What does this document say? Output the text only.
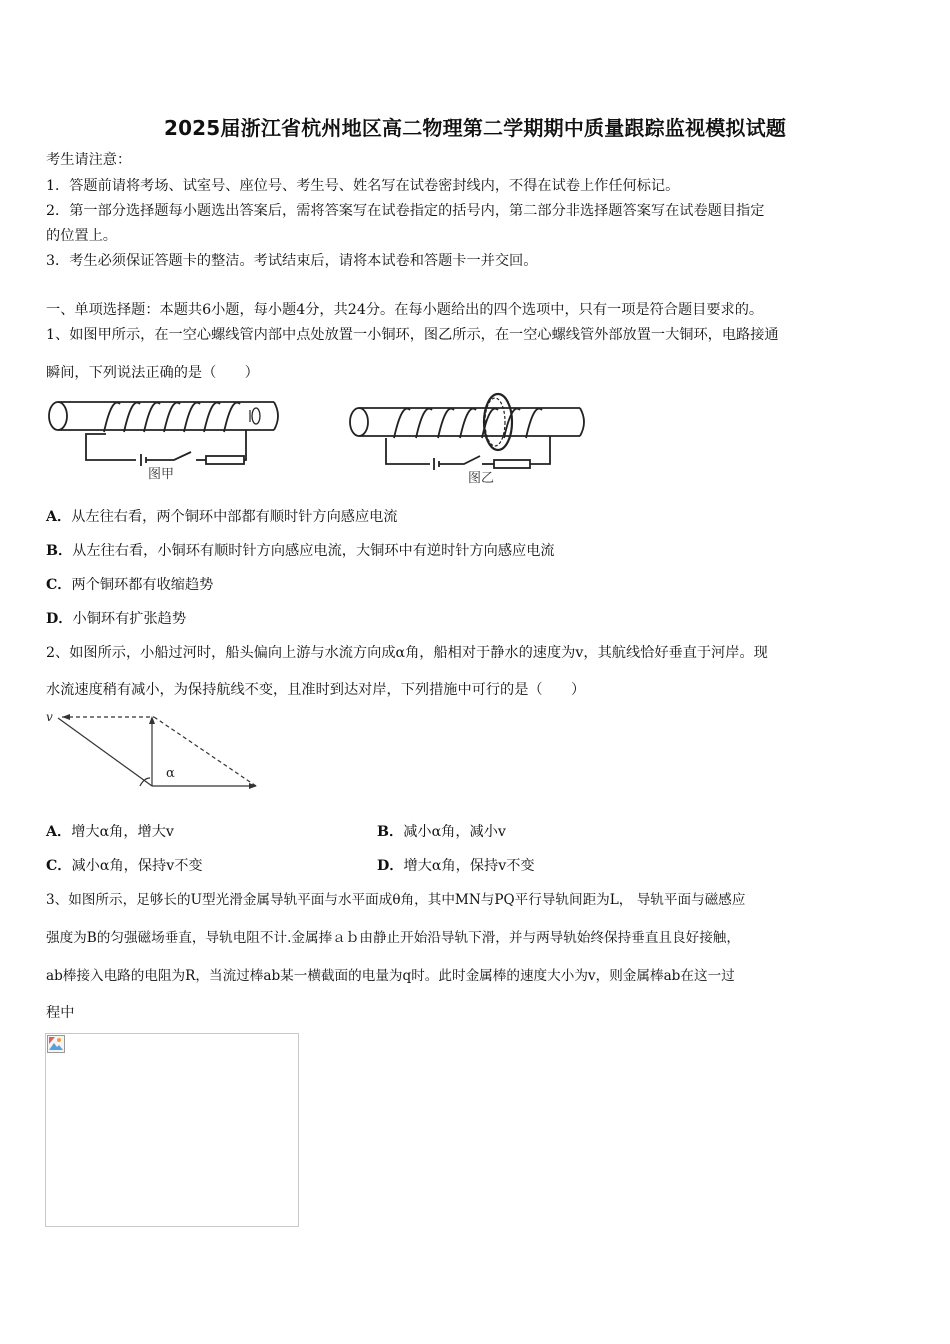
2025届浙江省杭州地区高二物理第二学期期中质量跟踪监视模拟试题
考生请注意：
1．答题前请将考场、试室号、座位号、考生号、姓名写在试卷密封线内，不得在试卷上作任何标记。
2．第一部分选择题每小题选出答案后，需将答案写在试卷指定的括号内，第二部分非选择题答案写在试卷题目指定
的位置上。
3．考生必须保证答题卡的整洁。考试结束后，请将本试卷和答题卡一并交回。
一、单项选择题：本题共6小题，每小题4分，共24分。在每小题给出的四个选项中，只有一项是符合题目要求的。
1、如图甲所示，在一空心螺线管内部中点处放置一小铜环，图乙所示，在一空心螺线管外部放置一大铜环，电路接通
瞬间，下列说法正确的是（　　）
图甲	图乙
A．从左往右看，两个铜环中部都有顺时针方向感应电流
B．从左往右看，小铜环有顺时针方向感应电流，大铜环中有逆时针方向感应电流
C．两个铜环都有收缩趋势
D．小铜环有扩张趋势
2、如图所示，小船过河时，船头偏向上游与水流方向成α角，船相对于静水的速度为v，其航线恰好垂直于河岸。现
水流速度稍有减小，为保持航线不变，且准时到达对岸，下列措施中可行的是（　　）
v
α
A．增大α角，增大v	B．减小α角，减小v
C．减小α角，保持v不变	D．增大α角，保持v不变
3、如图所示，足够长的U型光滑金属导轨平面与水平面成θ角，其中MN与PQ平行导轨间距为L， 导轨平面与磁感应
强度为B的匀强磁场垂直，导轨电阻不计.金属捧ａｂ由静止开始沿导轨下滑，并与两导轨始终保持垂直且良好接触，
ab棒接入电路的电阻为R，当流过棒ab某一横截面的电量为q时。此时金属棒的速度大小为v，则金属棒ab在这一过
程中
